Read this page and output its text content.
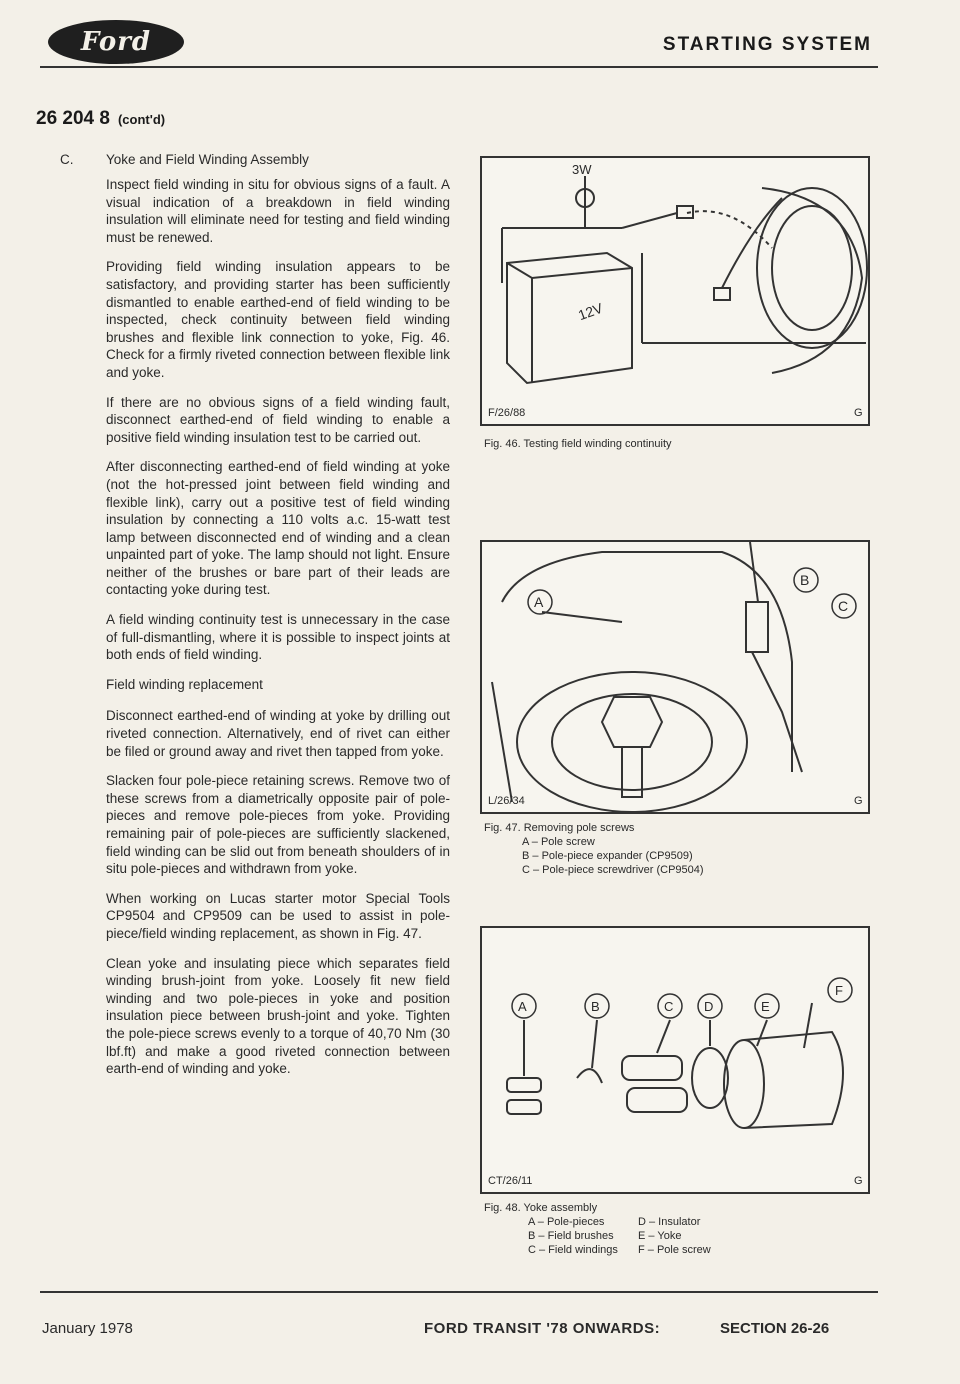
Ford	STARTING SYSTEM
26 204 8 (cont'd)
C.	Yoke and Field Winding Assembly

Inspect field winding in situ for obvious signs of a fault. A visual indication of a breakdown in field winding insulation will eliminate need for testing and field winding must be renewed.

Providing field winding insulation appears to be satisfactory, and providing starter has been sufficiently dismantled to enable earthed-end of field winding to be inspected, check continuity between field winding brushes and flexible link connection to yoke, Fig. 46. Check for a firmly riveted connection between flexible link and yoke.

If there are no obvious signs of a field winding fault, disconnect earthed-end of field winding to enable a positive field winding insulation test to be carried out.

After disconnecting earthed-end of field winding at yoke (not the hot-pressed joint between field winding and flexible link), carry out a positive test of field winding insulation by connecting a 110 volts a.c. 15-watt test lamp between disconnected end of winding and a clean unpainted part of yoke. The lamp should not light. Ensure neither of the brushes or bare part of their leads are contacting yoke during test.

A field winding continuity test is unnecessary in the case of full-dismantling, where it is possible to inspect joints at both ends of field winding.

Field winding replacement

Disconnect earthed-end of winding at yoke by drilling out riveted connection. Alternatively, end of rivet can either be filed or ground away and rivet then tapped from yoke.

Slacken four pole-piece retaining screws. Remove two of these screws from a diametrically opposite pair of pole-pieces and remove pole-pieces from yoke. Providing remaining pair of pole-pieces are sufficiently slackened, field winding can be slid out from beneath shoulders of in situ pole-pieces and withdrawn from yoke.

When working on Lucas starter motor Special Tools CP9504 and CP9509 can be used to assist in pole-piece/field winding replacement, as shown in Fig. 47.

Clean yoke and insulating piece which separates field winding brush-joint from yoke. Loosely fit new field winding and two pole-pieces in yoke and position insulation piece between brush-joint and yoke. Tighten the pole-piece screws evenly to a torque of 40,70 Nm (30 lbf.ft) and make a good riveted connection between earth-end of winding and yoke.

3W
12V
F/26/88	G
Fig. 46. Testing field winding continuity
A
B
C
L/26/34	G
Fig. 47. Removing pole screws
A – Pole screw
B – Pole-piece expander (CP9509)
C – Pole-piece screwdriver (CP9504)
A	B	C D	E
F
CT/26/11	G
Fig. 48. Yoke assembly
A – Pole-pieces	D – Insulator
B – Field brushes	E – Yoke
C – Field windings	F – Pole screw
January 1978	FORD TRANSIT '78 ONWARDS:	SECTION 26-26
